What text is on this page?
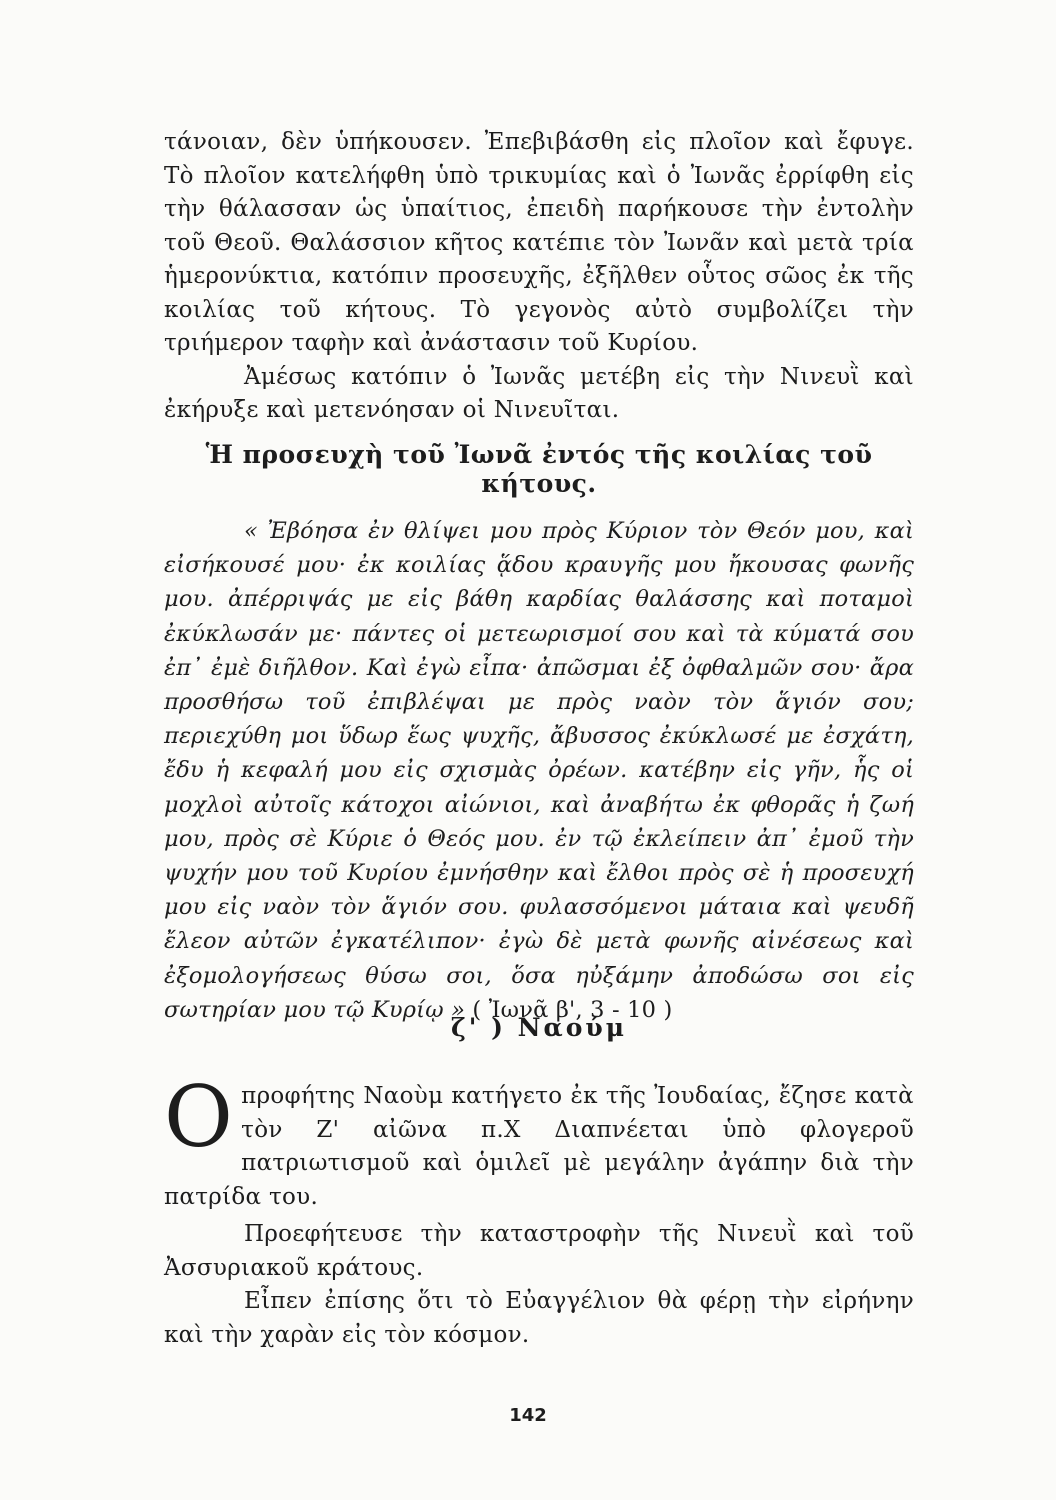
τάνοιαν, δὲν ὑπήκουσεν. Ἐπεβιβάσθη εἰς πλοῖον καὶ ἔφυγε. Τὸ πλοῖον κατελήφθη ὑπὸ τρικυμίας καὶ ὁ Ἰωνᾶς ἐρρίφθη εἰς τὴν θάλασσαν ὡς ὑπαίτιος, ἐπειδὴ παρήκουσε τὴν ἐντολὴν τοῦ Θεοῦ. Θαλάσσιον κῆτος κατέπιε τὸν Ἰωνᾶν καὶ μετὰ τρία ἡμερονύκτια, κατόπιν προσευχῆς, ἐξῆλθεν οὗτος σῶος ἐκ τῆς κοιλίας τοῦ κήτους. Τὸ γεγονὸς αὐτὸ συμβολίζει τὴν τριήμερον ταφὴν καὶ ἀνάστασιν τοῦ Κυρίου.

Ἀμέσως κατόπιν ὁ Ἰωνᾶς μετέβη εἰς τὴν Νινευῒ καὶ ἐκήρυξε καὶ μετενόησαν οἱ Νινευῖται.

Ἡ προσευχὴ τοῦ Ἰωνᾶ ἐντός τῆς κοιλίας τοῦ κήτους.

« Ἐβόησα ἐν θλίψει μου πρὸς Κύριον τὸν Θεόν μου, καὶ εἰσήκουσέ μου· ἐκ κοιλίας ᾅδου κραυγῆς μου ἤκουσας φωνῆς μου. ἀπέρριψάς με εἰς βάθη καρδίας θαλάσσης καὶ ποταμοὶ ἐκύκλωσάν με· πάντες οἱ μετεωρισμοί σου καὶ τὰ κύματά σου ἐπ᾿ ἐμὲ διῆλθον. Καὶ ἐγὼ εἶπα· ἀπῶσμαι ἐξ ὀφθαλμῶν σου· ἄρα προσθήσω τοῦ ἐπιβλέψαι με πρὸς ναὸν τὸν ἅγιόν σου; περιεχύθη μοι ὕδωρ ἕως ψυχῆς, ἄβυσσος ἐκύκλωσέ με ἐσχάτη, ἔδυ ἡ κεφαλή μου εἰς σχισμὰς ὀρέων. κατέβην εἰς γῆν, ἧς οἱ μοχλοὶ αὐτοῖς κάτοχοι αἰώνιοι, καὶ ἀναβήτω ἐκ φθορᾶς ἡ ζωή μου, πρὸς σὲ Κύριε ὁ Θεός μου. ἐν τῷ ἐκλείπειν ἀπ᾿ ἐμοῦ τὴν ψυχήν μου τοῦ Κυρίου ἐμνήσθην καὶ ἔλθοι πρὸς σὲ ἡ προσευχή μου εἰς ναὸν τὸν ἅγιόν σου. φυλασσόμενοι μάταια καὶ ψευδῆ ἔλεον αὐτῶν ἐγκατέλιπον· ἐγὼ δὲ μετὰ φωνῆς αἰνέσεως καὶ ἐξομολογήσεως θύσω σοι, ὅσα ηὐξάμην ἀποδώσω σοι εἰς σωτηρίαν μου τῷ Κυρίῳ » ( Ἰωνᾶ β', 3 - 10 )

ζ' ) Ναούμ

Οπροφήτης Ναοὺμ κατήγετο ἐκ τῆς Ἰουδαίας, ἔζησε κατὰ τὸν Ζ' αἰῶνα π.Χ Διαπνέεται ὑπὸ φλογεροῦ πατριωτισμοῦ καὶ ὁμιλεῖ μὲ μεγάλην ἀγάπην διὰ τὴν πατρίδα του.

Προεφήτευσε τὴν καταστροφὴν τῆς Νινευῒ καὶ τοῦ Ἀσσυριακοῦ κράτους.

Εἶπεν ἐπίσης ὅτι τὸ Εὐαγγέλιον θὰ φέρῃ τὴν εἰρήνην καὶ τὴν χαρὰν εἰς τὸν κόσμον.

142
